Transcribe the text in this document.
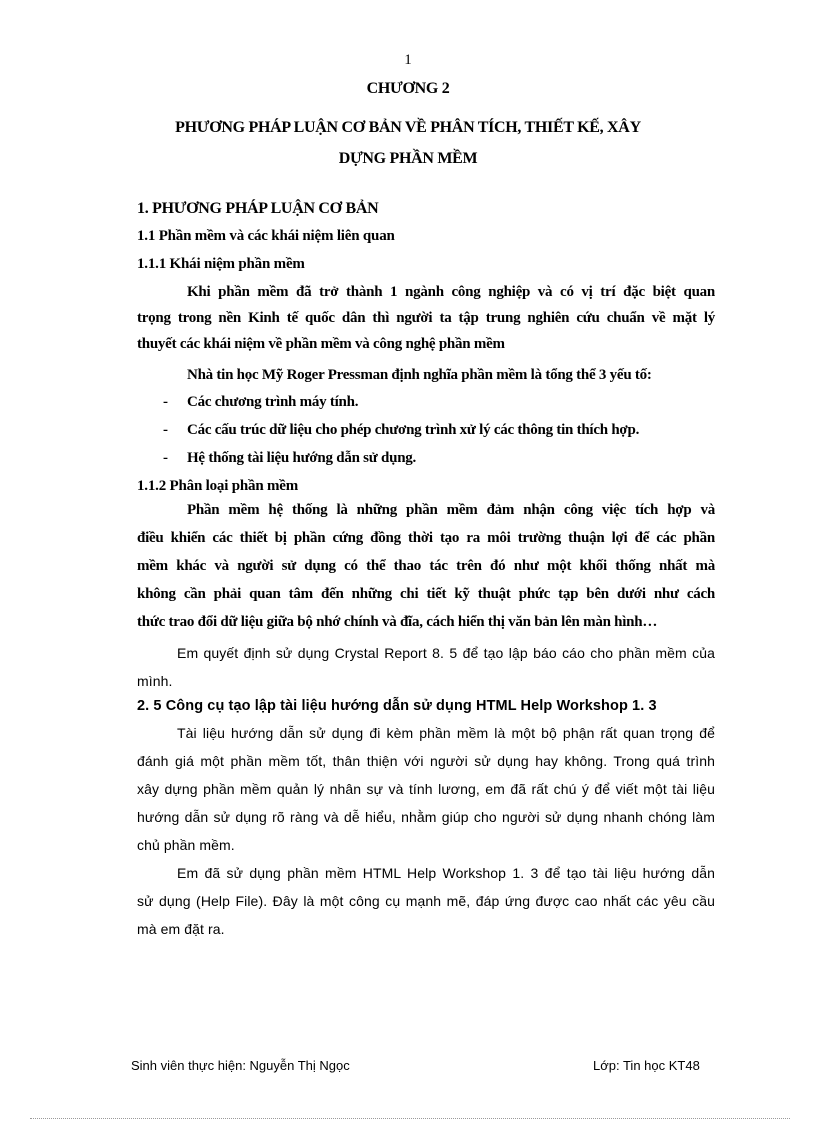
1
CHƯƠNG 2
PHƯƠNG PHÁP LUẬN CƠ BẢN VỀ PHÂN TÍCH, THIẾT KẾ, XÂY
DỰNG PHẦN MỀM
1. PHƯƠNG PHÁP LUẬN CƠ BẢN
1.1 Phần mềm và các khái niệm liên quan
1.1.1 Khái niệm phần mềm
Khi phần mềm đã trở thành 1 ngành công nghiệp và có vị trí đặc biệt quan
trọng trong nền Kinh tế quốc dân thì người ta tập trung nghiên cứu chuẩn về mặt lý
thuyết các khái niệm về phần mềm và công nghệ phần mềm
Nhà tin học Mỹ Roger Pressman định nghĩa phần mềm là tổng thể 3 yếu tố:
- Các chương trình máy tính.
- Các cấu trúc dữ liệu cho phép chương trình xử lý các thông tin thích hợp.
- Hệ thống tài liệu hướng dẫn sử dụng.
1.1.2 Phân loại phần mềm
Phần mềm hệ thống là những phần mềm đảm nhận công việc tích hợp và
điều khiển các thiết bị phần cứng đồng thời tạo ra môi trường thuận lợi để các phần
mềm khác và người sử dụng có thể thao tác trên đó như một khối thống nhất mà
không cần phải quan tâm đến những chi tiết kỹ thuật phức tạp bên dưới như cách
thức trao đổi dữ liệu giữa bộ nhớ chính và đĩa, cách hiển thị văn bản lên màn hình…
Em quyết định sử dụng Crystal Report 8. 5 để tạo lập báo cáo cho phần mềm của
mình.
2. 5 Công cụ tạo lập tài liệu hướng dẫn sử dụng HTML Help Workshop 1. 3
Tài liệu hướng dẫn sử dụng đi kèm phần mềm là một bộ phận rất quan trọng để
đánh giá một phần mềm tốt, thân thiện với người sử dụng hay không. Trong quá trình
xây dựng phần mềm quản lý nhân sự và tính lương, em đã rất chú ý để viết một tài liệu
hướng dẫn sử dụng rõ ràng và dễ hiểu, nhằm giúp cho người sử dụng nhanh chóng làm
chủ phần mềm.
Em đã sử dụng phần mềm HTML Help Workshop 1. 3 để tạo tài liệu hướng dẫn
sử dụng (Help File). Đây là một công cụ mạnh mẽ, đáp ứng được cao nhất các yêu cầu
mà em đặt ra.
Sinh viên thực hiện: Nguyễn Thị Ngọc	Lớp: Tin học KT48
